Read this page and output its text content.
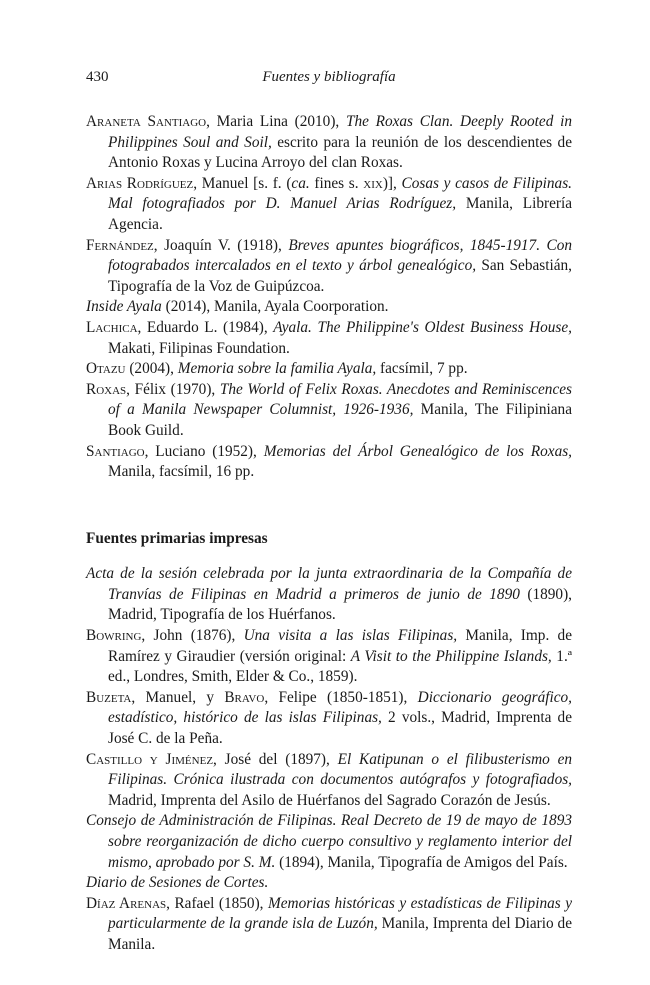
430	Fuentes y bibliografía

Araneta Santiago, Maria Lina (2010), The Roxas Clan. Deeply Rooted in Philippines Soul and Soil, escrito para la reunión de los descendientes de Antonio Roxas y Lucina Arroyo del clan Roxas.

Arias Rodríguez, Manuel [s. f. (ca. fines s. xix)], Cosas y casos de Filipinas. Mal fotografiados por D. Manuel Arias Rodríguez, Manila, Librería Agencia.

Fernández, Joaquín V. (1918), Breves apuntes biográficos, 1845-1917. Con fotograbados intercalados en el texto y árbol genealógico, San Sebastián, Tipografía de la Voz de Guipúzcoa.

Inside Ayala (2014), Manila, Ayala Coorporation.

Lachica, Eduardo L. (1984), Ayala. The Philippine's Oldest Business House, Makati, Filipinas Foundation.

Otazu (2004), Memoria sobre la familia Ayala, facsímil, 7 pp.

Roxas, Félix (1970), The World of Felix Roxas. Anecdotes and Reminiscences of a Manila Newspaper Columnist, 1926-1936, Manila, The Filipiniana Book Guild.

Santiago, Luciano (1952), Memorias del Árbol Genealógico de los Roxas, Manila, facsímil, 16 pp.

Fuentes primarias impresas

Acta de la sesión celebrada por la junta extraordinaria de la Compañía de Tranvías de Filipinas en Madrid a primeros de junio de 1890 (1890), Madrid, Tipografía de los Huérfanos.

Bowring, John (1876), Una visita a las islas Filipinas, Manila, Imp. de Ramírez y Giraudier (versión original: A Visit to the Philippine Islands, 1.ª ed., Londres, Smith, Elder & Co., 1859).

Buzeta, Manuel, y Bravo, Felipe (1850-1851), Diccionario geográfico, estadístico, histórico de las islas Filipinas, 2 vols., Madrid, Imprenta de José C. de la Peña.

Castillo y Jiménez, José del (1897), El Katipunan o el filibusterismo en Filipinas. Crónica ilustrada con documentos autógrafos y fotografiados, Madrid, Imprenta del Asilo de Huérfanos del Sagrado Corazón de Jesús.

Consejo de Administración de Filipinas. Real Decreto de 19 de mayo de 1893 sobre reorganización de dicho cuerpo consultivo y reglamento interior del mismo, aprobado por S. M. (1894), Manila, Tipografía de Amigos del País.

Diario de Sesiones de Cortes.

Díaz Arenas, Rafael (1850), Memorias históricas y estadísticas de Filipinas y particularmente de la grande isla de Luzón, Manila, Imprenta del Diario de Manila.
